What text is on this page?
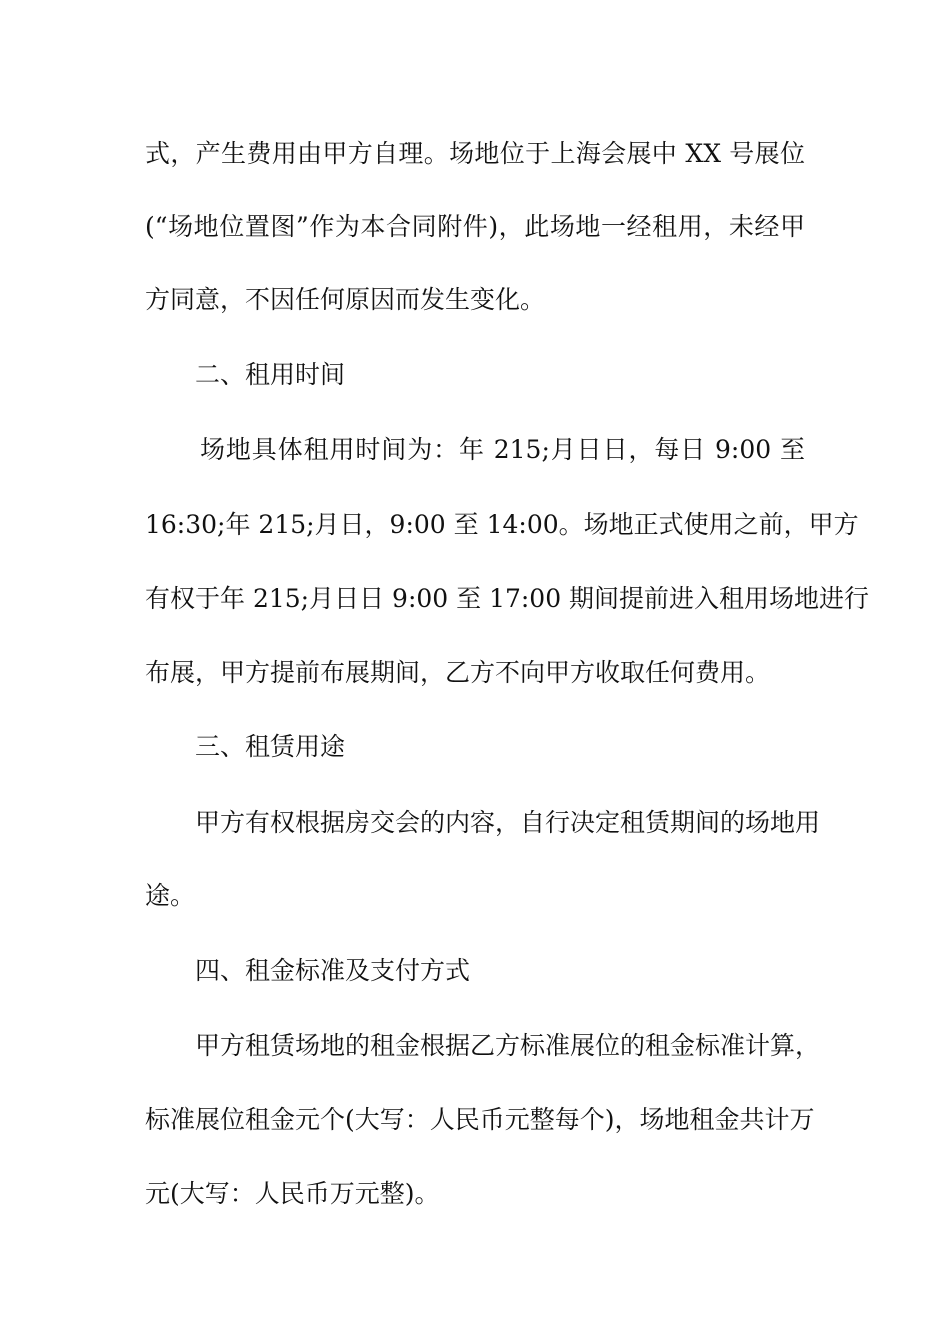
式，产生费用由甲方自理。场地位于上海会展中 XX 号展位
(“场地位置图”作为本合同附件)，此场地一经租用，未经甲
方同意，不因任何原因而发生变化。
二、租用时间
场地具体租用时间为：年 215;月日日，每日 9:00 至
16:30;年 215;月日，9:00 至 14:00。场地正式使用之前，甲方
有权于年 215;月日日 9:00 至 17:00 期间提前进入租用场地进行
布展，甲方提前布展期间，乙方不向甲方收取任何费用。
三、租赁用途
甲方有权根据房交会的内容，自行决定租赁期间的场地用
途。
四、租金标准及支付方式
甲方租赁场地的租金根据乙方标准展位的租金标准计算，
标准展位租金元个(大写：人民币元整每个)，场地租金共计万
元(大写：人民币万元整)。
